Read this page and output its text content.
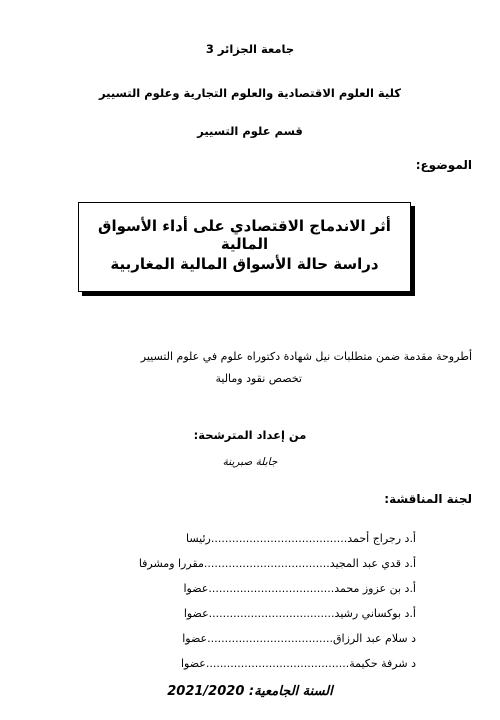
جامعة الجزائر 3
كلية العلوم الاقتصادية والعلوم التجارية وعلوم التسيير
قسم علوم التسيير
الموضوع:
أثر الاندماج الاقتصادي على أداء الأسواق المالية
دراسة حالة الأسواق المالية المغاربية
أطروحة مقدمة ضمن متطلبات نيل شهادة دكتوراه علوم في علوم التسيير
تخصص نقود ومالية
من إعداد المترشحة:
جابلة صبرينة
لجنة المناقشة:
أ.د رجراج أحمد.......................................رئيسا
أ.د قدي عبد المجيد....................................مقررا ومشرفا
أ.د بن عزوز محمد....................................عضوا
أ.د بوكساني رشيد....................................عضوا
د سلام عبد الرزاق....................................عضوا
د شرفة حكيمة.........................................عضوا
السنة الجامعية: 2021/2020
